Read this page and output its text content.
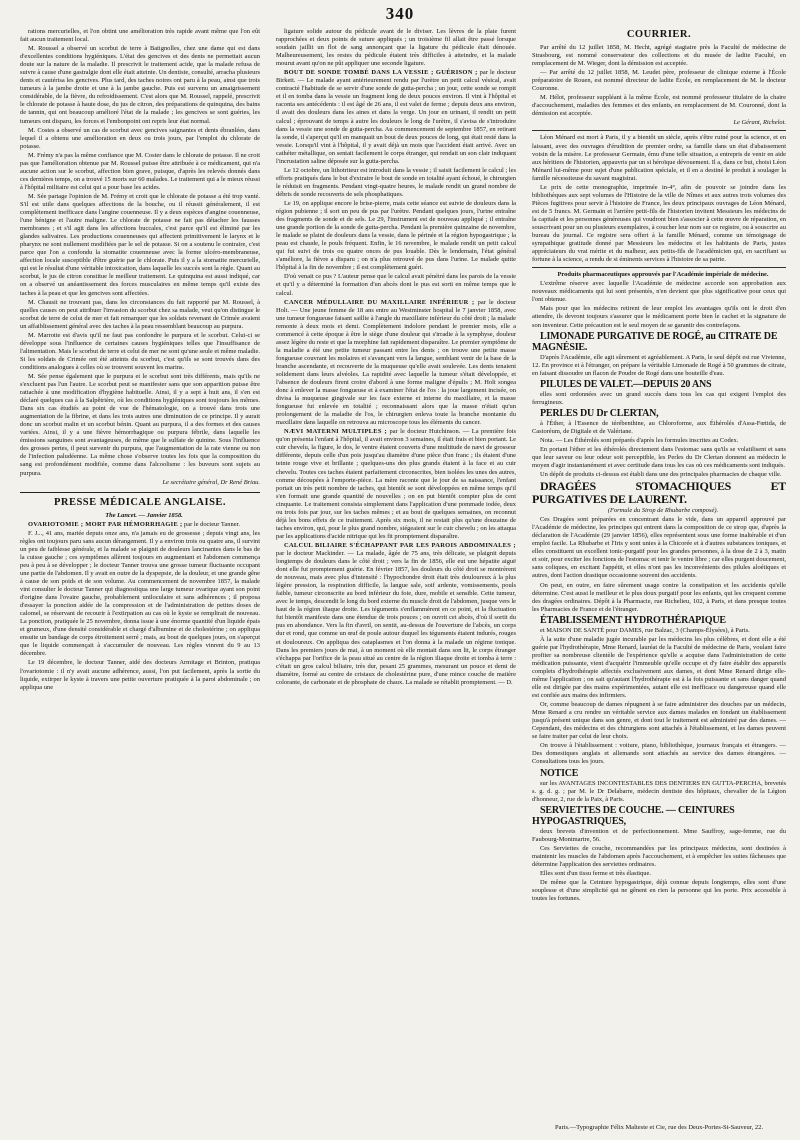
340

rations mercurielles, et l'on obtint une amélioration très rapide avant même que l'on eût fait aucun traitement local.

M. Roussel a observé un scorbut de terre à Batignolles, chez une dame qui est dans d'excellentes conditions hygiéniques. L'état des gencives et des dents ne permettait aucun doute sur la nature de la maladie. Il prescrivit le traitement acide, que la malade refusa de suivre à cause d'une gastralgie dont elle était atteinte. Un dentiste, consulté, arracha plusieurs dents et cautérisa les gencives. Plus tard, des taches noires ont paru à la peau, ainsi que trois tumeurs à la jambe droite et une à la jambe gauche. Puis est survenu un amaigrissement considérable, de la fièvre, du refroidissement. C'est alors que M. Roussel, rappelé, prescrivit le chlorate de potasse à haute dose, du jus de citron, des préparations de quinquina, des bains de tannin, qui ont beaucoup amélioré l'état de la malade ; les gencives se sont guéries, les tumeurs ont disparu, les forces et l'embonpoint ont repris leur état normal.

M. Costes a observé un cas de scorbut avec gencives saignantes et dents ébranlées, dans lequel il a obtenu une amélioration en deux ou trois jours, par l'emploi du chlorate de potasse.

M. Frémy n'a pas la même confiance que M. Coster dans le chlorate de potasse. Il ne croit pas que l'amélioration obtenue par M. Roussel puisse être attribuée à ce médicament, qui n'a aucune action sur le scorbut, affection bien grave, puisque, d'après les relevés donnés dans ces dernières temps, on a trouvé 15 morts sur 60 malades. Le traitement qui a le mieux réussi à l'hôpital militaire est celui qui a pour base les acides.

M. Sée partage l'opinion de M. Frémy et croit que le chlorate de potasse a été trop vanté. S'il est utile dans quelques affections de la bouche, ou il réussit généralement, il est complètement inefficace dans l'angine couenneuse. Il y a deux espèces d'angine couenneuse, l'une bénigne et l'autre maligne. Le chlorate de potasse ne fait pas détacher les fausses membranes ; et s'il agit dans les affections buccales, c'est parce qu'il est éliminé par les glandes salivaires. Les productions couenneuses qui affectent primitivement le larynx et le pharynx ne sont nullement modifiées par le sel de potasse. Si on a soutenu le contraire, c'est parce que l'on a confondu la stomatite couenneuse avec la forme ulcéro-membraneuse, affection locale susceptible d'être guérie par le chlorate. Puis il y a la stomatite mercurielle, qui est le résultat d'une véritable intoxication, dans laquelle les succès sont la règle. Quant au scorbut, le jus de citron constitue le meilleur traitement. Le quinquina est aussi indiqué, car on a observé un anéantissement des forces musculaires en même temps qu'il existe des taches à la peau et que les gencives sont affectées.

M. Chausit ne trouvant pas, dans les circonstances du fait rapporté par M. Roussel, à quelles causes on peut attribuer l'invasion du scorbut chez sa malade, veut qu'on distingue le scorbut de terre de celui de mer et fait remarquer que les soldats revenant de Crimée avaient un affaiblissement général avec des taches à la peau ressemblant beaucoup au purpura.

M. Marrotte est d'avis qu'il ne faut pas confondre le purpura et le scorbut. Celui-ci se développe sous l'influence de certaines causes hygiéniques telles que l'insuffisance de l'alimentation. Mais le scorbut de terre et celui de mer ne sont qu'une seule et même maladie. Si les soldats de Crimée ont été atteints du scorbut, c'est qu'ils se sont trouvés dans des conditions analogues à celles où se trouvent souvent les marins.

M. Sée pense également que le purpura et le scorbut sont très différents, mais qu'ils ne s'excluent pas l'un l'autre. Le scorbut peut se manifester sans que son apparition puisse être rattachée à une modification d'hygiène habituelle. Ainsi, il y a sept à huit ans, il s'en est déclaré quelques cas à la Salpêtrière, où les conditions hygiéniques sont toujours les mêmes. Dans six cas étudiés au point de vue de l'hématologie, on a trouvé dans trois une augmentation de la fibrine, et dans les trois autres une diminution de ce principe. Il y aurait donc un scorbut malin et un scorbut bénin. Quant au purpura, il a des formes et des causes variées. Ainsi, il y a une fièvre hémorrhagique ou purpura fébrile, dans laquelle les émissions sanguines sont avantageuses, de même que le sulfate de quinine. Sous l'influence des grosses pertes, il peut survenir du purpura, que l'augmentation de la rate vienne ou non de l'infection paludéenne. La même chose s'observe toutes les fois que la composition du sang est profondément modifiée, comme dans l'alcoolisme : les buveurs sont sujets au purpura.

Le secrétaire général, Dr René Briau.

PRESSE MÉDICALE ANGLAISE.

The Lancet. — Janvier 1858.

OVARIOTOMIE ; MORT PAR HÉMORRHAGIE ; par le docteur Tanner.

F. J..., 41 ans, mariée depuis onze ans, n'a jamais eu de grossesse ; depuis vingt ans, les règles ont toujours paru sans aucun dérangement. Il y a environ trois ou quatre ans, il survint un peu de faiblesse générale, et la malade se plaignit de douleurs lancinantes dans le bas de la cuisse gauche ; ces symptômes allèrent toujours en augmentant et l'abdomen commença peu à peu à se développer ; le docteur Tanner trouva une grosse tumeur fluctuante occupant une partie de l'abdomen. Il y avait en outre de la dyspepsie, de la douleur, et une grande gêne à cause de son poids et de son volume. Au commencement de novembre 1857, la malade vint consulter le docteur Tanner qui diagnostiqua une large tumeur ovarique ayant son point d'origine dans l'ovaire gauche, probablement uniloculaire et sans adhérences ; il proposa d'essayer la ponction aidée de la compression et de l'administration de petites doses de calomel, se réservant de recourir à l'extirpation au cas où le kyste se remplirait de nouveau. La ponction, pratiquée le 25 novembre, donna issue à une énorme quantité d'un liquide épais et grumeux, d'une densité considérable et chargé d'albumine et de cholestérine ; on appliqua ensuite un bandage de corps étroitement serré ; mais, au bout de quelques jours, on s'aperçut que le liquide commençait à s'accumuler de nouveau. Les règles vinrent du 9 au 13 décembre.

Le 19 décembre, le docteur Tanner, aidé des docteurs Armitage et Brinton, pratiqua l'ovariotomie : il n'y avait aucune adhérence, aussi, l'on put facilement, après la sortie du liquide, extirper le kyste à travers une petite ouverture pratiquée à la paroi abdominale ; on appliqua une

ligature solide autour du pédicule avant de le diviser. Les lèvres de la plaie furent rapprochées et deux points de suture appliqués ; un troisième fil allait être passé lorsque soudain jaillit un flot de sang annonçant que la ligature du pédicule était dénouée. Malheureusement, les restes du pédicule étaient très difficiles à atteindre, et la malade mourut avant qu'on ne pût appliquer une seconde ligature.

BOUT DE SONDE TOMBÉ DANS LA VESSIE ; GUÉRISON ; par le docteur Birkett. — Le malade ayant antérieurement rendu par l'urètre un petit calcul vésical, avait contracté l'habitude de se servir d'une sonde de gutta-percha ; un jour, cette sonde se rompit et il en tomba dans la vessie un fragment long de deux pouces environ. Il vint à l'hôpital et raconta ses antécédents : il est âgé de 26 ans, il est valet de ferme ; depuis deux ans environ, il avait des douleurs dans les aines et dans la verge. Un jour en urinant, il rendit un petit calcul ; éprouvant de temps à autre les douleurs le long de l'urètre, il s'avisa de s'introduire dans la vessie une sonde de gutta-percha. Au commencement de septembre 1857, en retirant la sonde, il s'aperçut qu'il en manquait un bout de deux pouces de long, qui était resté dans la vessie. Lorsqu'il vint à l'hôpital, il y avait déjà un mois que l'accident était arrivé. Avec un cathéter métallique, on sentait facilement le corps étranger, qui rendait un son clair indiquant l'incrustation saline déposée sur la gutta-percha.

Le 12 octobre, un lithotriteur est introduit dans la vessie ; il saisit facilement le calcul ; les efforts pratiqués dans le but d'extraire le bout de sonde en totalité ayant échoué, le chirurgien le réduisit en fragments. Pendant vingt-quatre heures, le malade rendit un grand nombre de débris de sonde recouverts de sels phosphatiques.

Le 19, on applique encore le brise-pierre, mais cette séance est suivie de douleurs dans la région pubienne ; il sort un peu de pus par l'urètre. Pendant quelques jours, l'urine entraîne des fragments de sonde et de sels. Le 29, l'instrument est de nouveau appliqué ; il entraîne une grande portion de la sonde de gutta-percha. Pendant la première quinzaine de novembre, le malade se plaint de douleurs dans la vessie, dans le périnée et la région hypogastrique ; la peau est chaude, le pouls fréquent. Enfin, le 16 novembre, le malade rendit un petit calcul qui fut suivi de trois ou quatre onces de pus louable. Dès le lendemain, l'état général s'améliore, la fièvre a disparu ; on n'a plus retrouvé de pus dans l'urine. Le malade quitte l'hôpital à la fin de novembre ; il est complètement guéri.

D'où venait ce pus ? L'auteur pense que le calcul avait pénétré dans les parois de la vessie et qu'il y a déterminé la formation d'un abcès dont le pus est sorti en même temps que le calcul.

CANCER MÉDULLAIRE DU MAXILLAIRE INFÉRIEUR ; par le docteur Holt. — Une jeune femme de 18 ans entre au Westminster hospital le 7 janvier 1858, avec une tumeur fongueuse faisant saillie à l'angle du maxillaire inférieur du côté droit ; la malade remonte à deux mois et demi. Complètement indolore pendant le premier mois, elle a commencé à cette époque à être le siège d'une douleur qui s'irradie à la symphyse, douleur assez légère du reste et que la morphine fait rapidement disparaître. Le premier symptôme de la maladie a été une petite tumeur passant entre les dents ; on trouve une petite masse fongueuse couvrant les molaires et s'avançant vers la langue, semblant venir de la base de la branche ascendante, et recouverte de la muqueuse qu'elle avait soulevée. Les dents tenaient solidement dans leurs alvéoles. La rapidité avec laquelle la tumeur s'était développée, et l'absence de douleurs firent croire d'abord à une forme maligne d'épulis ; M. Holt songea donc à enlever la masse fongueuse et à examiner l'état de l'os : la joue largement incisée, on divisa la muqueuse gingivale sur les face externe et interne du maxillaire, et la masse fongueuse fut enlevée en totalité ; reconnaissant alors que la masse n'était qu'un prolongement de la maladie de l'os, le chirurgien enleva toute la branche montante du maxillaire dans laquelle on retrouva au microscope tous les éléments du cancer.

NÆVI MATERNI MULTIPLES ; par le docteur Hutchinson. — La première fois qu'on présenta l'enfant à l'hôpital, il avait environ 3 semaines, il était frais et bien portant. Le cuir chevelu, la figure, le dos, le ventre étaient couverts d'une multitude de nævi de grosseur différente, depuis celle d'un pois jusqu'au diamètre d'une pièce d'un franc ; ils étaient d'une teinte rouge vive et brillante ; quelques-uns des plus grands étaient à la face et au cuir chevelu. Toutes ces taches étaient parfaitement circonscrites, bien isolées les unes des autres, comme découpées à l'emporte-pièce. La mère raconte que le jour de sa naissance, l'enfant portait un très petit nombre de taches, qui bientôt se sont développées en même temps qu'il s'en formait une grande quantité de nouvelles ; on en put bientôt compter plus de cent cinquante. Le traitement consista simplement dans l'application d'une pommade iodée, deux ou trois fois par jour, sur les taches mêmes ; et au bout de quelques semaines, on reconnut déjà les bons effets de ce traitement. Après six mois, il ne restait plus qu'une douzaine de taches environ, qui, pour le plus grand nombre, siégeaient sur le cuir chevelu ; on les attaqua par les applications d'acide nitrique qui les fit promptement disparaître.

CALCUL BILIAIRE S'ÉCHAPPANT PAR LES PAROIS ABDOMINALES ; par le docteur Mackinder. — La malade, âgée de 75 ans, très délicate, se plaignit depuis longtemps de douleurs dans le côté droit ; vers la fin de 1856, elle eut une hépatite aiguë dont elle fut promptement guérie. En février 1857, les douleurs du côté droit se montrèrent de nouveau, mais avec plus d'intensité : l'hypochondre droit était très douloureux à la plus légère pression, la respiration difficile, la langue sale, soif ardente, vomissements, pouls faible, tumeur circonscrite au bord inférieur du foie, dure, mobile et sensible. Cette tumeur, avec le temps, descendit le long du bord externe du muscle droit de l'abdomen, jusque vers le haut de la région iliaque droite. Les téguments s'enflammèrent en ce point, et la fluctuation fut bientôt manifeste dans une étendue de trois pouces ; on ouvrit cet abcès, d'où il sortit du pus en abondance. Vers la fin d'avril, on sentit, au-dessus de l'ouverture de l'abcès, un corps dur et rond, que comme un œuf de poule autour duquel les téguments étaient indurés, rouges et douloureux. On appliqua des cataplasmes et l'on donna à la malade un régime tonique. Dans les premiers jours de mai, à un moment où elle montait dans son lit, le corps étranger s'échappa par l'orifice de la peau situé au centre de la région iliaque droite et tomba à terre : c'était un gros calcul biliaire, très dur, pesant 25 grammes, mesurant un pouce et demi de diamètre, formé au centre de cristaux de cholestérine pure, d'une mince couche de matière colorante, de carbonate et de phosphate de chaux. La malade se rétablit promptement. — D.

COURRIER.

Par arrêté du 12 juillet 1858, M. Hecht, agrégé stagiaire près la Faculté de médecine de Strasbourg, est nommé conservateur des collections et du musée de ladite Faculté, en remplacement de M. Wieger, dont la démission est acceptée.

— Par arrêté du 12 juillet 1858, M. Leudet père, professeur de clinique externe à l'École préparatoire de Rouen, est nommé directeur de ladite École, en remplacement de M. le docteur Couronne.

M. Hélot, professeur suppléant à la même École, est nommé professeur titulaire de la chaire d'accouchement, maladies des femmes et des enfants, en remplacement de M. Couronné, dont la démission est acceptée.

Le Gérant, Richelot.

Léon Ménard est mort à Paris, il y a bientôt un siècle, après s'être ruiné pour la science, et en laissant, avec des ouvrages d'érudition de premier ordre, sa famille dans un état d'abaissement voisin de la misère. Le professeur Germain, ému d'une telle situation, a entrepris de venir en aide aux héritiers de l'historien, appauvris par un si héroïque dévouement. Il a, dans ce but, choisi Léon Ménard lui-même pour sujet d'une publication spéciale, et il en a destiné le produit à soulager la famille nécessiteuse du savant magistrat.

Le prix de cette monographie, imprimée in-4°, afin de pouvoir se joindre dans les bibliothèques aux sept volumes de l'Histoire de la ville de Nîmes et aux autres trois volumes des Pièces fugitives pour servir à l'histoire de France, les deux principaux ouvrages de Léon Ménard, est de 5 francs. M. Germain et l'arrière petit-fils de l'historien invitent Messieurs les médecins de la capitale et les personnes généreuses qui voudront bien s'associer à cette œuvre de réparation, en souscrivant pour un ou plusieurs exemplaires, à coucher leur nom sur ce registre, ou à souscrire au bureau du journal. Ce registre sera offert à la famille Ménard, comme un témoignage de sympathique gratitude donné par Messieurs les médecins et les habitants de Paris, justes appréciateurs du vrai mérite et du malheur, aux petits-fils de l'académicien qui, en sacrifiant sa fortune à la science, a rendu de si éminents services à l'histoire de sa patrie.

Produits pharmaceutiques approuvés par l'Académie impériale de médecine.

L'extrême réserve avec laquelle l'Académie de médecine accorde son approbation aux nouveaux médicaments qui lui sont présentés, n'en devient que plus significative pour ceux qui l'ont obtenue.

Mais pour que les médecins retirent de leur emploi les avantages qu'ils ont le droit d'en attendre, ils devront toujours s'assurer que le médicament porte bien le cachet et la signature de son inventeur. Cette précaution est le seul moyen de se garantir des contrefaçons.

LIMONADE PURGATIVE DE ROGÉ, au CITRATE DE MAGNÉSIE.

D'après l'Académie, elle agit sûrement et agréablement. A Paris, le seul dépôt est rue Vivienne, 12. En province et à l'étranger, on prépare la véritable Limonade de Rogé à 50 grammes de citrate, en faisant dissoudre un flacon de Poudre de Rogé dans une bouteille d'eau.

PILULES DE VALET.—DEPUIS 20 ANS

elles sont ordonnées avec un grand succès dans tous les cas qui exigent l'emploi des ferrugineux.

PERLES DU Dr CLERTAN,

à l'Éther, à l'Essence de térébenthine, au Chloroforme, aux Éthérolés d'Assa-Fœtida, de Castoréum, de Digitale et de Valériane.

Nota. — Les Éthérolés sont préparés d'après les formules inscrites au Codex.

En portant l'éther et les éthérolés directement dans l'estomac sans qu'ils se volatilisent et sans que leur saveur ou leur odeur soit perceptible, les Perles du Dr Clertan donnent au médecin le moyen d'agir instantanément et avec certitude dans tous les cas où ces médicaments sont indiqués.

Un dépôt de produits ci-dessus est établi dans une des principales pharmacies de chaque ville.

DRAGÉES STOMACHIQUES ET PURGATIVES DE LAURENT.

(Formule du Sirop de Rhubarbe composé).

Ces Dragées sont préparées en concentrant dans le vide, dans un appareil approuvé par l'Académie de médecine, les principes qui entrent dans la composition de ce sirop que, d'après la déclaration de l'Académie (29 janvier 1856), elles représentent sous une forme inaltérable et d'un emploi facile. La Rhubarbe et l'Iris y sont unies à la Chicorée et à d'autres substances toniques, et elles constituent un excellent tonic-purgatif pour les grandes personnes, à la dose de 2 à 3, matin et soir, pour exciter les fonctions de l'estomac et tenir le ventre libre ; car elles purgent doucement, sans coliques, en excitant l'appétit, et elles n'ont pas les inconvénients des pilules aloétiques et autres, dont l'action drastique occasionne souvent des accidents.

On peut, en outre, en faire sûrement usage contre la constipation et les accidents qu'elle détermine. C'est aussi le meilleur et le plus doux purgatif pour les enfants, qui les croquent comme des dragées ordinaires. Dépôt à la Pharmacie, rue Richelieu, 102, à Paris, et dans presque toutes les Pharmacies de France et de l'étranger.

ÉTABLISSEMENT HYDROTHÉRAPIQUE

et MAISON DE SANTÉ pour DAMES, rue Balzac, 3 (Champs-Élysées), à Paris.

À la suite d'une maladie jugée incurable par les médecins les plus célèbres, et dont elle a été guérie par l'hydrothérapie, Mme Renard, lauréat de la Faculté de médecine de Paris, voulant faire profiter sa nombreuse clientèle de l'expérience qu'elle a acquise dans l'administration de cette médication puissante, vient d'acquérir l'immeuble qu'elle occupe et d'y faire établir des appareils complets d'hydrothérapie affectés exclusivement aux dames, et dont Mme Renard dirige elle-même l'application ; on sait qu'autant l'hydrothérapie est à la fois puissante et sans danger quand elle est dirigée par des mains expérimentées, autant elle est inefficace ou dangereuse quand elle est confiée aux mains des infirmiers.

Or, comme beaucoup de dames répugnent à se faire administrer des douches par un médecin, Mme Renard a cru rendre un véritable service aux dames malades en fondant un établissement jusqu'à présent unique dans son genre, et dont tout le traitement est administré par des dames. — Cependant, des médecins et des chirurgiens sont attachés à l'établissement, et les dames peuvent se faire traiter par celui de leur choix.

On trouve à l'établissement : voiture, piano, bibliothèque, journaux français et étrangers. — Des domestiques anglais et allemands sont attachés au service des dames étrangères. — Consultations tous les jours.

NOTICE

sur les AVANTAGES INCONTESTABLES DES DENTIERS EN GUTTA-PERCHA, brevetés s. g. d. g. ; par M. le Dr Delabarre, médecin dentiste des hôpitaux, chevalier de la Légion d'honneur, 2, rue de la Paix, à Paris.

SERVIETTES DE COUCHE. — CEINTURES HYPOGASTRIQUES,

deux brevets d'invention et de perfectionnement. Mme Sauffroy, sage-femme, rue du Faubourg-Montmartre, 56.

Ces Serviettes de couche, recommandées par les principaux médecins, sont destinées à maintenir les muscles de l'abdomen après l'accouchement, et à empêcher les suites fâcheuses que détermine l'application des serviettes ordinaires.

Elles sont d'un tissu ferme et très élastique.

De même que la Ceinture hypogastrique, déjà connue depuis longtemps, elles sont d'une souplesse et d'une simplicité qui ne gênent en rien la personne qui les porte. Prix accessible à toutes les fortunes.

Paris.—Typographie Félix Malteste et Cie, rue des Deux-Portes-St-Sauveur, 22.
